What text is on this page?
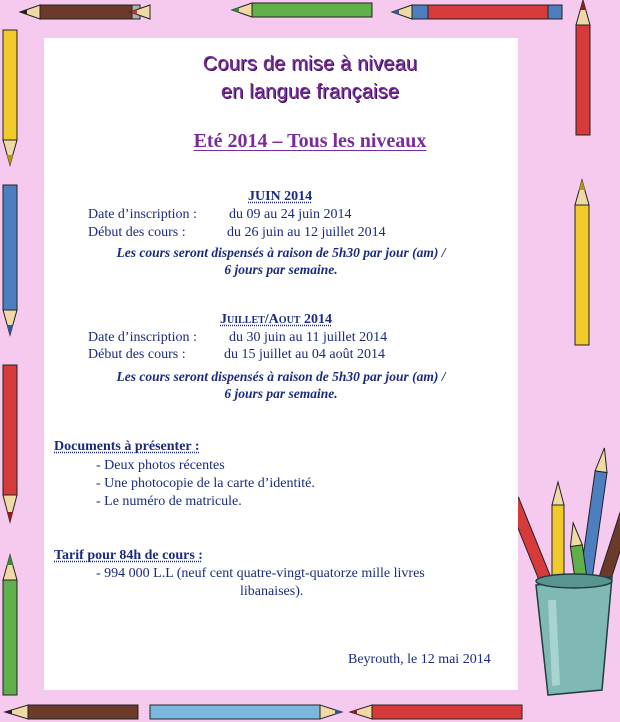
Cours de mise à niveau
en langue française
Eté 2014 – Tous les niveaux
JUIN 2014
Date d’inscription : du 09 au 24 juin 2014
Début des cours :	du 26 juin au 12 juillet 2014
Les cours seront dispensés à raison de 5h30 par jour (am) /
6 jours par semaine.
Juillet/Aout 2014
Date d’inscription : du 30 juin au 11 juillet 2014
Début des cours :	du 15 juillet au 04 août 2014
Les cours seront dispensés à raison de 5h30 par jour (am) /
6 jours par semaine.
Documents à présenter :
- Deux photos récentes
- Une photocopie de la carte d’identité.
- Le numéro de matricule.
Tarif pour 84h de cours :
- 994 000 L.L (neuf cent quatre-vingt-quatorze mille livres
libanaises).
Beyrouth, le 12 mai 2014
